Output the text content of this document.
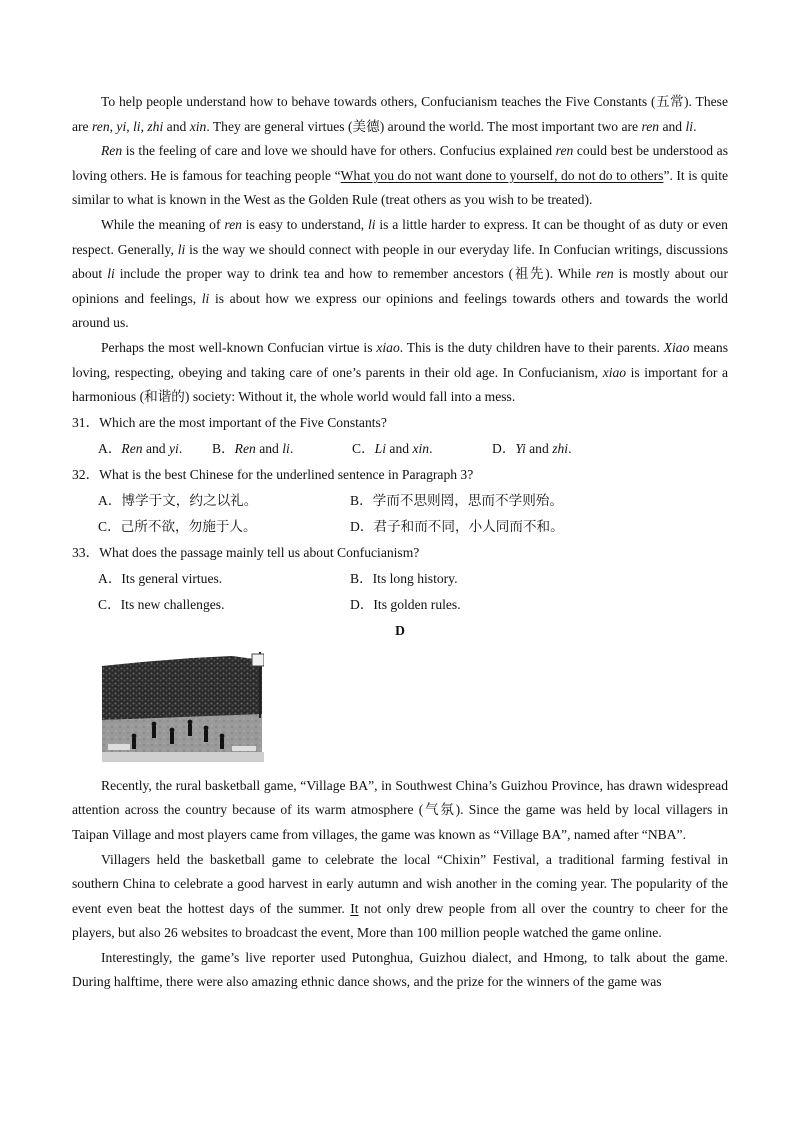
To help people understand how to behave towards others, Confucianism teaches the Five Constants (五常). These are ren, yi, li, zhi and xin. They are general virtues (美德) around the world. The most important two are ren and li.

Ren is the feeling of care and love we should have for others. Confucius explained ren could best be understood as loving others. He is famous for teaching people “What you do not want done to yourself, do not do to others”. It is quite similar to what is known in the West as the Golden Rule (treat others as you wish to be treated).

While the meaning of ren is easy to understand, li is a little harder to express. It can be thought of as duty or even respect. Generally, li is the way we should connect with people in our everyday life. In Confucian writings, discussions about li include the proper way to drink tea and how to remember ancestors (祖先). While ren is mostly about our opinions and feelings, li is about how we express our opinions and feelings towards others and towards the world around us.

Perhaps the most well-known Confucian virtue is xiao. This is the duty children have to their parents. Xiao means loving, respecting, obeying and taking care of one’s parents in their old age. In Confucianism, xiao is important for a harmonious (和谐的) society: Without it, the whole world would fall into a mess.

31．Which are the most important of the Five Constants?
A．Ren and yi.	B．Ren and li.	C．Li and xin.	D．Yi and zhi.
32．What is the best Chinese for the underlined sentence in Paragraph 3?
A．博学于文，约之以礼。	B．学而不思则罔，思而不学则殆。
C．己所不欲，勿施于人。	D．君子和而不同，小人同而不和。
33．What does the passage mainly tell us about Confucianism?
A．Its general virtues.	B．Its long history.
C．Its new challenges.	D．Its golden rules.
D

Recently, the rural basketball game, “Village BA”, in Southwest China’s Guizhou Province, has drawn widespread attention across the country because of its warm atmosphere (气氛). Since the game was held by local villagers in Taipan Village and most players came from villages, the game was known as “Village BA”, named after “NBA”.

Villagers held the basketball game to celebrate the local “Chixin” Festival, a traditional farming festival in southern China to celebrate a good harvest in early autumn and wish another in the coming year. The popularity of the event even beat the hottest days of the summer. It not only drew people from all over the country to cheer for the players, but also 26 websites to broadcast the event, More than 100 million people watched the game online.

Interestingly, the game’s live reporter used Putonghua, Guizhou dialect, and Hmong, to talk about the game. During halftime, there were also amazing ethnic dance shows, and the prize for the winners of the game was
